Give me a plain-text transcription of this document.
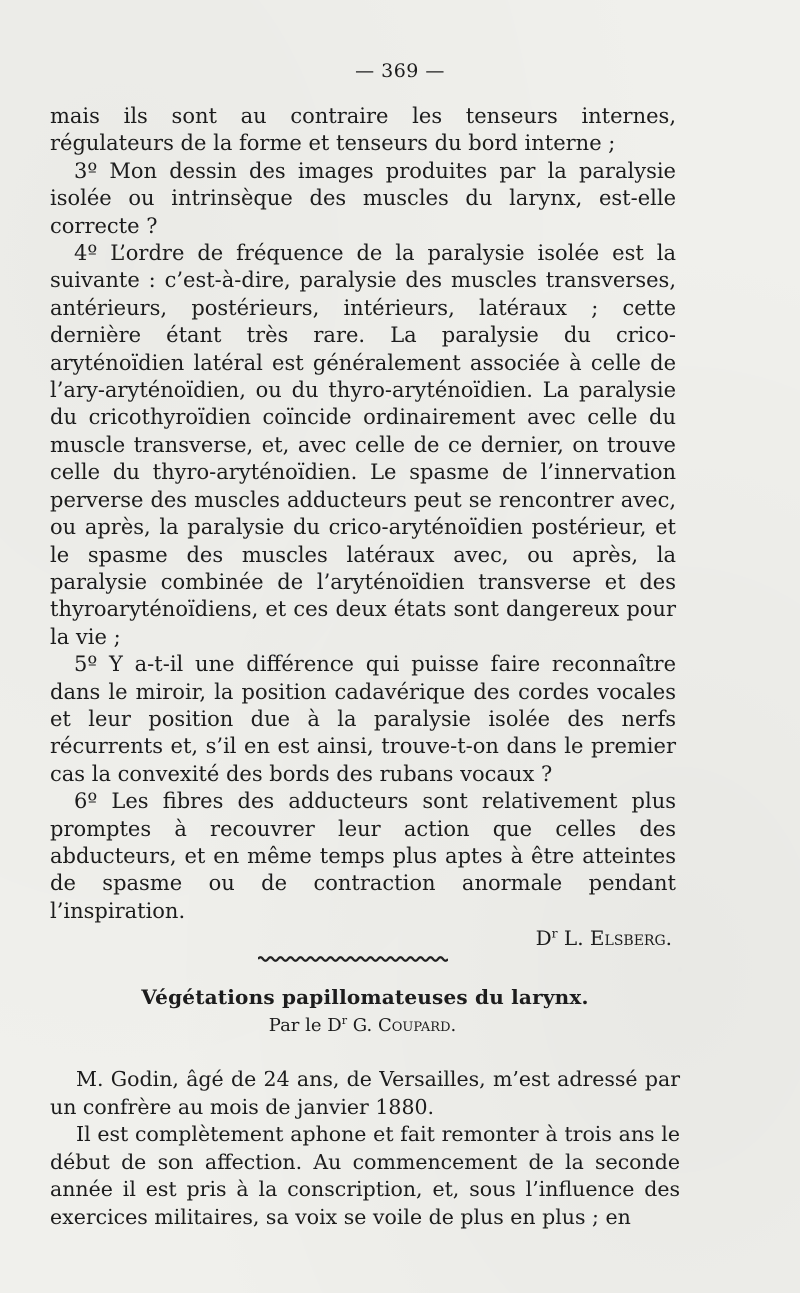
— 369 —

mais ils sont au contraire les tenseurs internes, régulateurs de la forme et tenseurs du bord interne ;

3º Mon dessin des images produites par la paralysie isolée ou intrinsèque des muscles du larynx, est-elle correcte ?

4º L’ordre de fréquence de la paralysie isolée est la suivante : c’est-à-dire, paralysie des muscles transverses, antérieurs, postérieurs, intérieurs, latéraux ; cette dernière étant très rare. La paralysie du crico-aryténoïdien latéral est généralement associée à celle de l’ary-aryténoïdien, ou du thyro-aryténoïdien. La paralysie du cricothyroïdien coïncide ordinairement avec celle du muscle transverse, et, avec celle de ce dernier, on trouve celle du thyro-aryténoïdien. Le spasme de l’innervation perverse des muscles adducteurs peut se rencontrer avec, ou après, la paralysie du crico-aryténoïdien postérieur, et le spasme des muscles latéraux avec, ou après, la paralysie combinée de l’aryténoïdien transverse et des thyroaryténoïdiens, et ces deux états sont dangereux pour la vie ;

5º Y a-t-il une différence qui puisse faire reconnaître dans le miroir, la position cadavérique des cordes vocales et leur position due à la paralysie isolée des nerfs récurrents et, s’il en est ainsi, trouve-t-on dans le premier cas la convexité des bords des rubans vocaux ?

6º Les fibres des adducteurs sont relativement plus promptes à recouvrer leur action que celles des abducteurs, et en même temps plus aptes à être atteintes de spasme ou de contraction anormale pendant l’inspiration.

$D^r$ L. Elsberg.
Végétations papillomateuses du larynx.
Par le $D^r$ G. Coupard.

M. Godin, âgé de 24 ans, de Versailles, m’est adressé par un confrère au mois de janvier 1880.

Il est complètement aphone et fait remonter à trois ans le début de son affection. Au commencement de la seconde année il est pris à la conscription, et, sous l’influence des exercices militaires, sa voix se voile de plus en plus ; en
